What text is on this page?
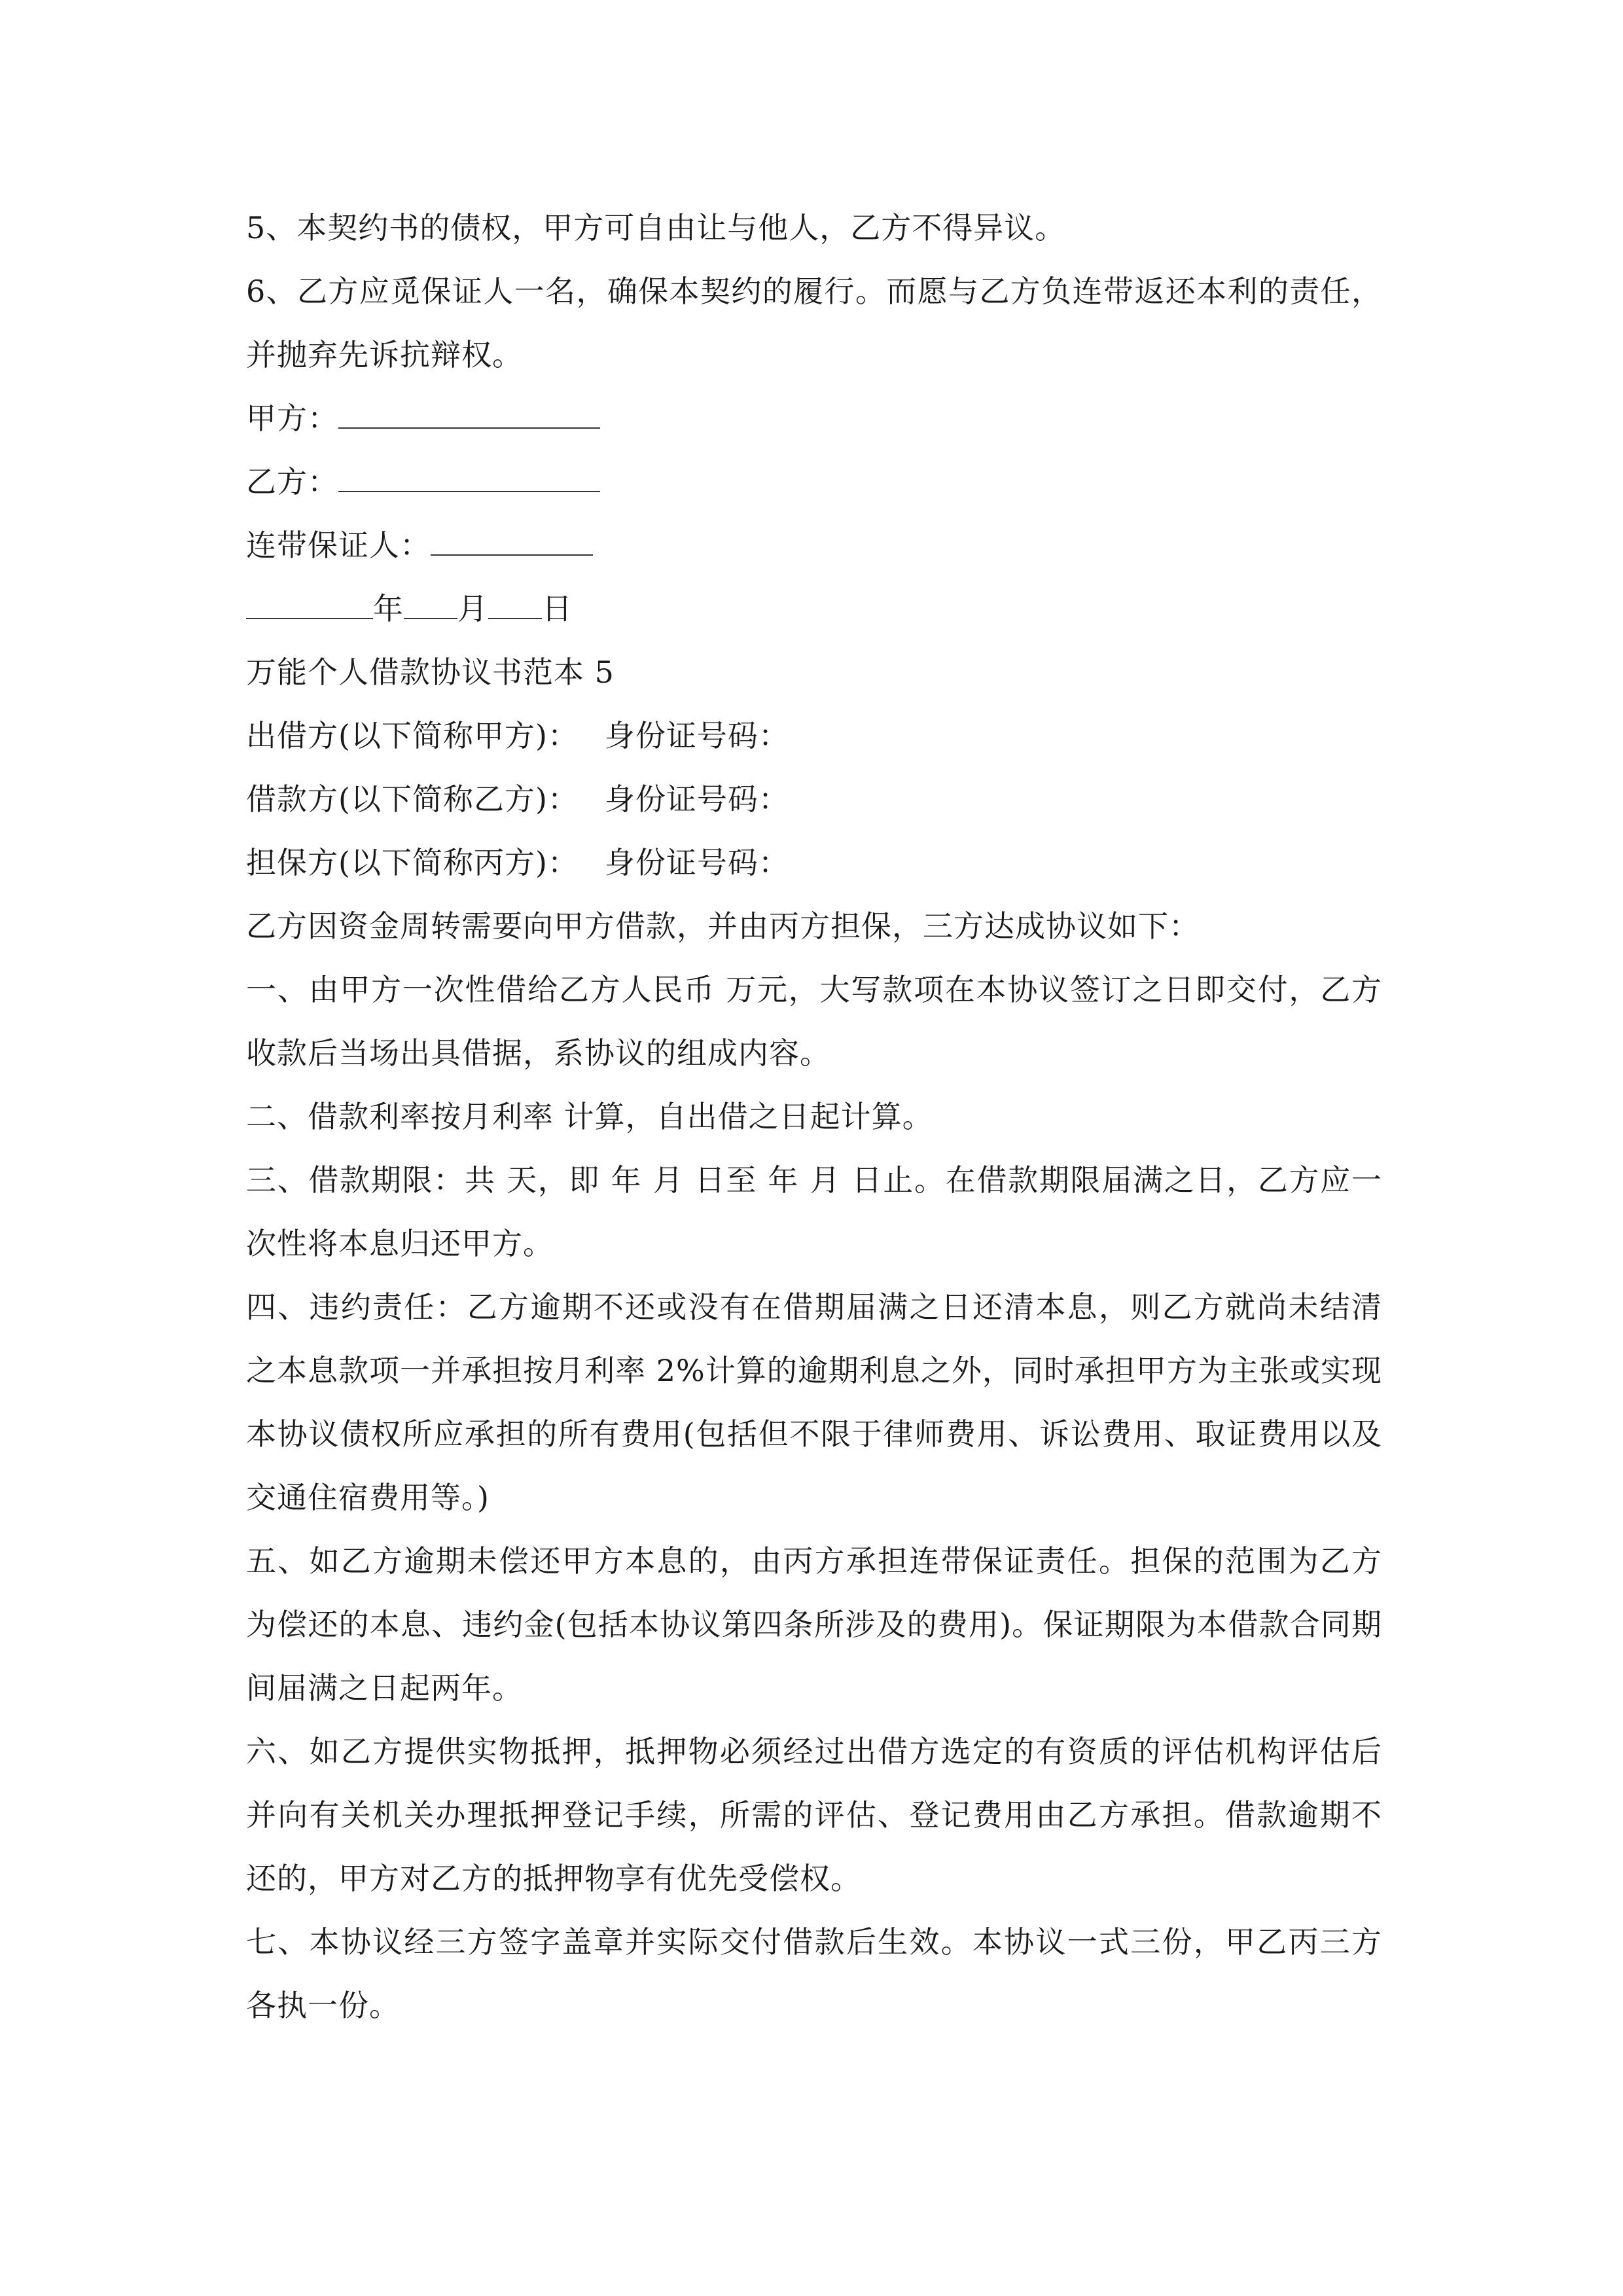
5、本契约书的债权，甲方可自由让与他人，乙方不得异议。

6、乙方应觅保证人一名，确保本契约的履行。而愿与乙方负连带返还本利的责任，并抛弃先诉抗辩权。

甲方：

乙方：

连带保证人：

年 月 日

万能个人借款协议书范本 5

出借方(以下简称甲方)： 身份证号码：

借款方(以下简称乙方)： 身份证号码：

担保方(以下简称丙方)： 身份证号码：

乙方因资金周转需要向甲方借款，并由丙方担保，三方达成协议如下：

一、由甲方一次性借给乙方人民币 万元，大写款项在本协议签订之日即交付，乙方收款后当场出具借据，系协议的组成内容。

二、借款利率按月利率 计算，自出借之日起计算。

三、借款期限：共 天，即 年 月 日至 年 月 日止。在借款期限届满之日，乙方应一次性将本息归还甲方。

四、违约责任：乙方逾期不还或没有在借期届满之日还清本息，则乙方就尚未结清之本息款项一并承担按月利率 2%计算的逾期利息之外，同时承担甲方为主张或实现本协议债权所应承担的所有费用(包括但不限于律师费用、诉讼费用、取证费用以及交通住宿费用等。)

五、如乙方逾期未偿还甲方本息的，由丙方承担连带保证责任。担保的范围为乙方为偿还的本息、违约金(包括本协议第四条所涉及的费用)。保证期限为本借款合同期间届满之日起两年。

六、如乙方提供实物抵押，抵押物必须经过出借方选定的有资质的评估机构评估后并向有关机关办理抵押登记手续，所需的评估、登记费用由乙方承担。借款逾期不还的，甲方对乙方的抵押物享有优先受偿权。

七、本协议经三方签字盖章并实际交付借款后生效。本协议一式三份，甲乙丙三方各执一份。
